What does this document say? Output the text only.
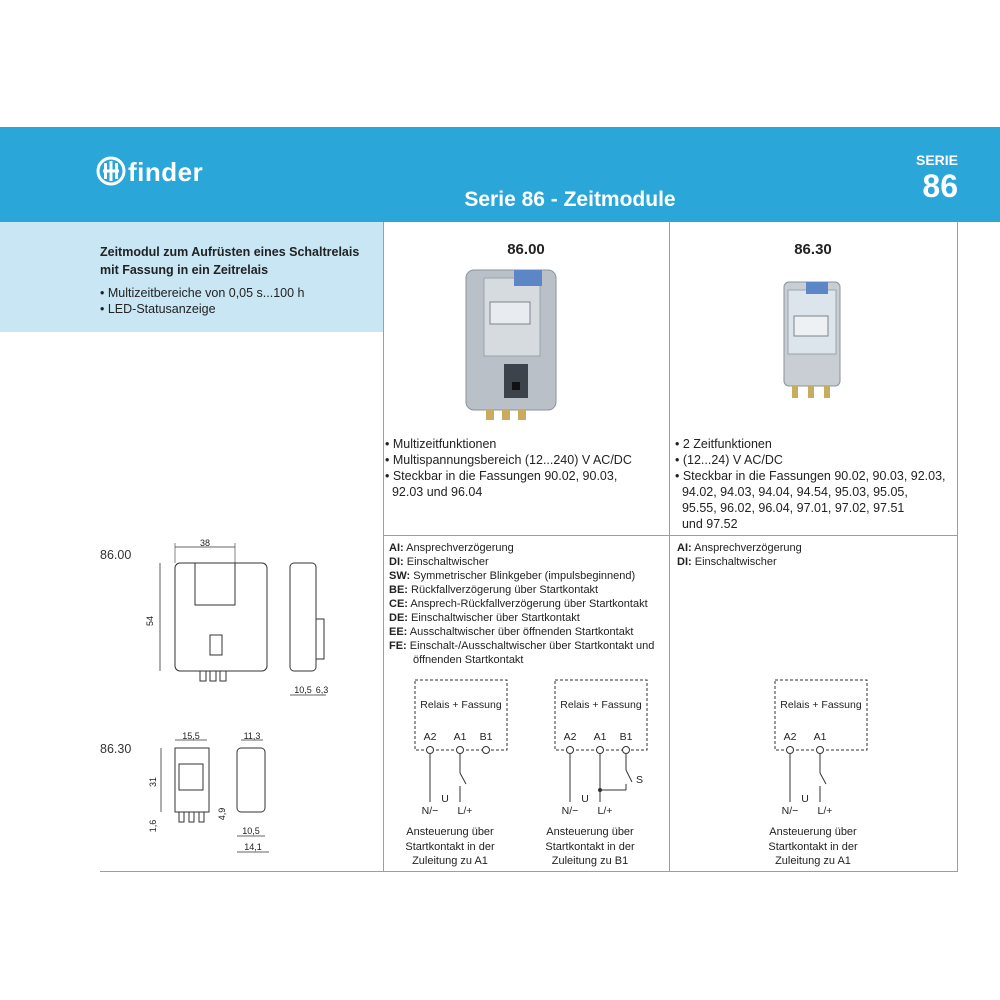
finder
Serie 86 - Zeitmodule
SERIE
86
Zeitmodul zum Aufrüsten eines Schaltrelais mit Fassung in ein Zeitrelais
• Multizeitbereiche von 0,05 s...100 h
• LED-Statusanzeige
86.00
• Multizeitfunktionen
• Multispannungsbereich (12...240) V AC/DC
• Steckbar in die Fassungen 90.02, 90.03,
92.03 und 96.04
86.30
• 2 Zeitfunktionen
• (12...24) V AC/DC
• Steckbar in die Fassungen 90.02, 90.03, 92.03,
94.02, 94.03, 94.04, 94.54, 95.03, 95.05,
95.55, 96.02, 96.04, 97.01, 97.02, 97.51
und 97.52
AI: Ansprechverzögerung
DI: Einschaltwischer
SW: Symmetrischer Blinkgeber (impulsbeginnend)
BE: Rückfallverzögerung über Startkontakt
CE: Ansprech-Rückfallverzögerung über Startkontakt
DE: Einschaltwischer über Startkontakt
EE: Ausschaltwischer über öffnenden Startkontakt
FE: Einschalt-/Ausschaltwischer über Startkontakt und
öffnenden Startkontakt
AI: Ansprechverzögerung
DI: Einschaltwischer
86.00
86.30
38
54
10,5 6,3
15,5
31
1,6
11,3
4,9
10,5
14,1
Relais + Fassung
A2 A1 B1
U
N/− L/+
Relais + Fassung
A2 A1 B1
S
U
N/− L/+
Relais + Fassung
A2 A1
U
N/− L/+
Ansteuerung über
Startkontakt in der
Zuleitung zu A1
Ansteuerung über
Startkontakt in der
Zuleitung zu B1
Ansteuerung über
Startkontakt in der
Zuleitung zu A1
